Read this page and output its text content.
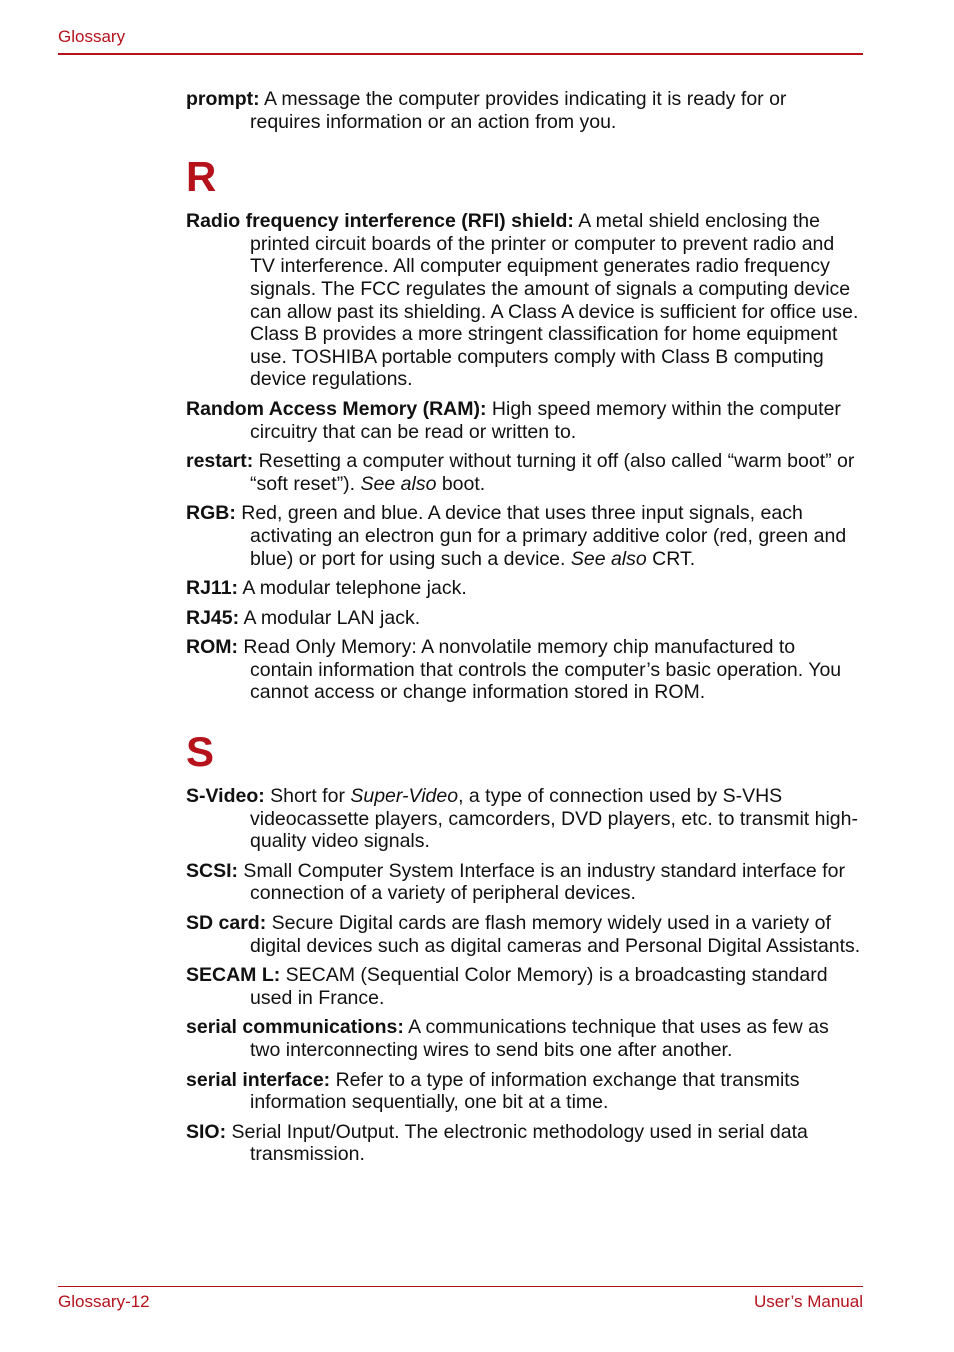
Glossary

prompt: A message the computer provides indicating it is ready for or requires information or an action from you.

R

Radio frequency interference (RFI) shield: A metal shield enclosing the printed circuit boards of the printer or computer to prevent radio and TV interference. All computer equipment generates radio frequency signals. The FCC regulates the amount of signals a computing device can allow past its shielding. A Class A device is sufficient for office use. Class B provides a more stringent classification for home equipment use. TOSHIBA portable computers comply with Class B computing device regulations.

Random Access Memory (RAM): High speed memory within the computer circuitry that can be read or written to.

restart: Resetting a computer without turning it off (also called “warm boot” or “soft reset”). See also boot.

RGB: Red, green and blue. A device that uses three input signals, each activating an electron gun for a primary additive color (red, green and blue) or port for using such a device. See also CRT.

RJ11: A modular telephone jack.

RJ45: A modular LAN jack.

ROM: Read Only Memory: A nonvolatile memory chip manufactured to contain information that controls the computer’s basic operation. You cannot access or change information stored in ROM.

S

S-Video: Short for Super-Video, a type of connection used by S-VHS videocassette players, camcorders, DVD players, etc. to transmit high-quality video signals.

SCSI: Small Computer System Interface is an industry standard interface for connection of a variety of peripheral devices.

SD card: Secure Digital cards are flash memory widely used in a variety of digital devices such as digital cameras and Personal Digital Assistants.

SECAM L: SECAM (Sequential Color Memory) is a broadcasting standard used in France.

serial communications: A communications technique that uses as few as two interconnecting wires to send bits one after another.

serial interface: Refer to a type of information exchange that transmits information sequentially, one bit at a time.

SIO: Serial Input/Output. The electronic methodology used in serial data transmission.

Glossary-12	User’s Manual
